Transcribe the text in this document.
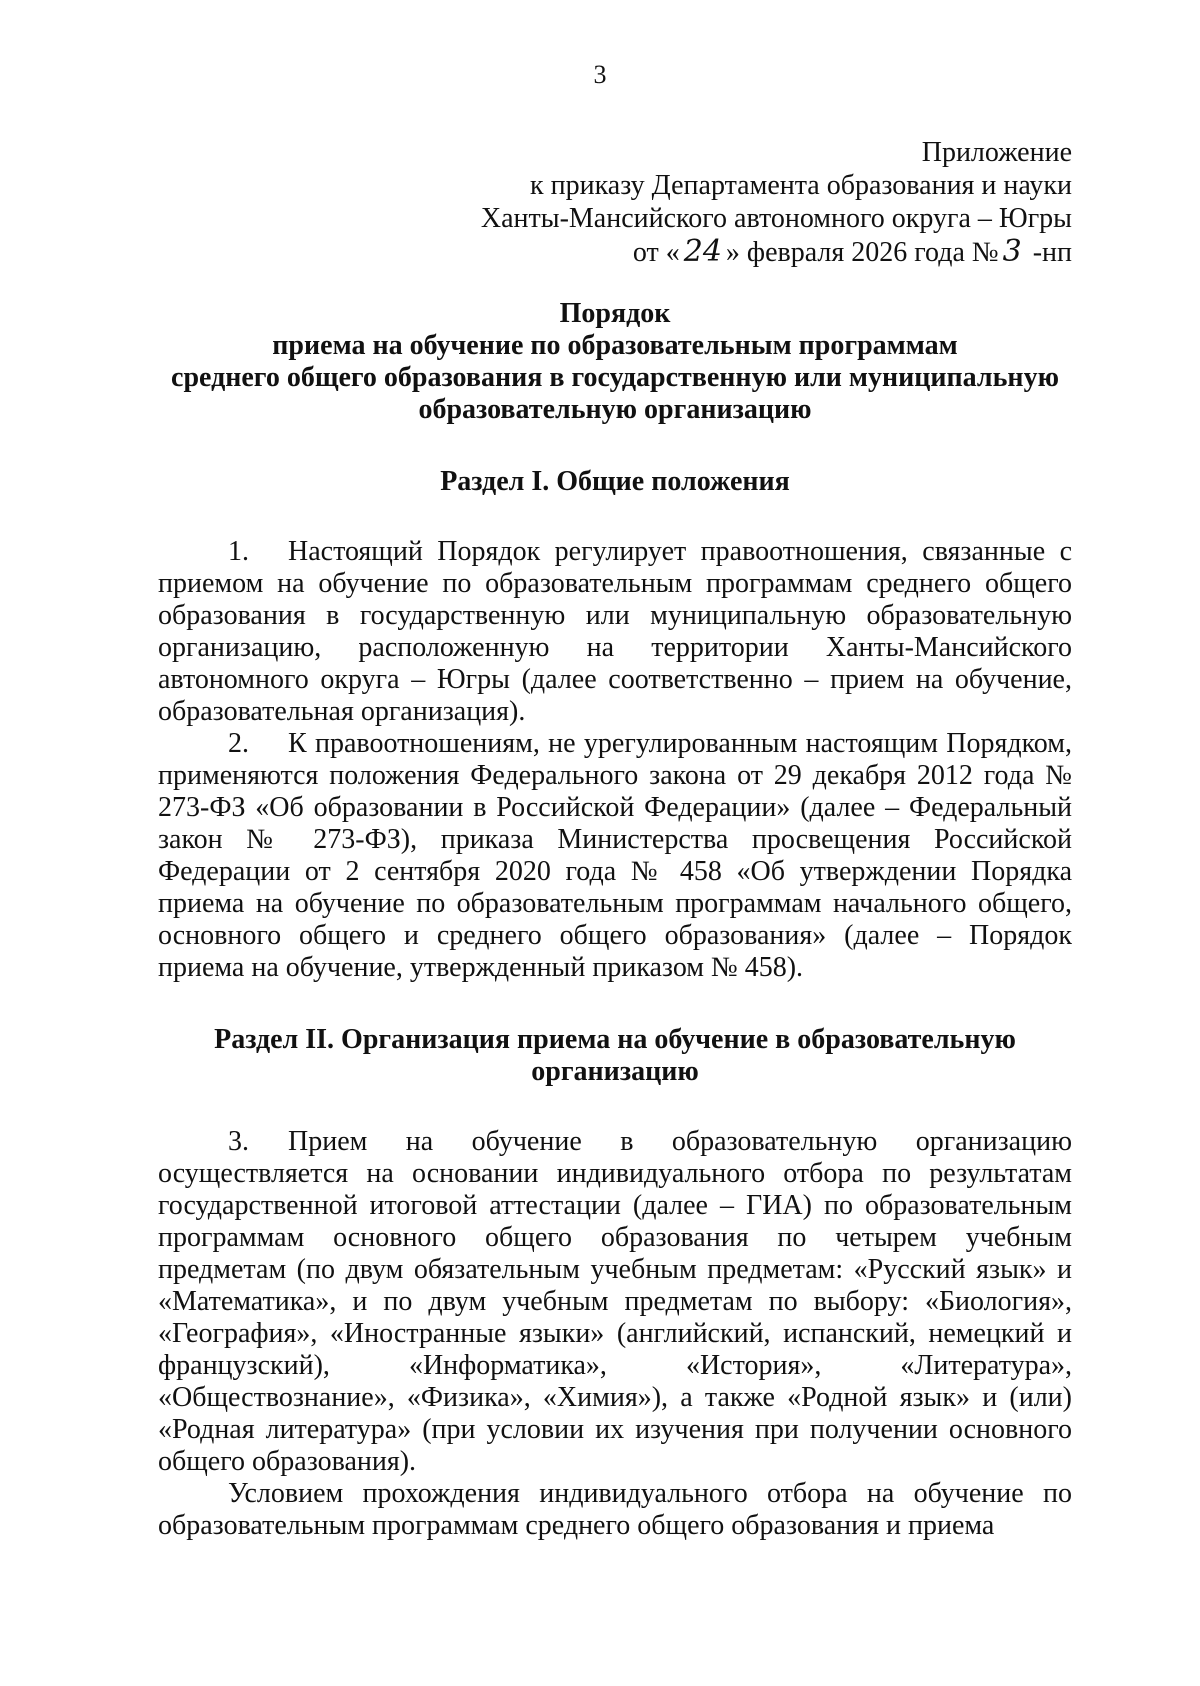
3
Приложение
к приказу Департамента образования и науки
Ханты-Мансийского автономного округа – Югры
от « 24 » февраля 2026 года № 3 -нп
Порядок
приема на обучение по образовательным программам
среднего общего образования в государственную или муниципальную
образовательную организацию
Раздел I. Общие положения

1. Настоящий Порядок регулирует правоотношения, связанные с приемом на обучение по образовательным программам среднего общего образования в государственную или муниципальную образовательную организацию, расположенную на территории Ханты-Мансийского автономного округа – Югры (далее соответственно – прием на обучение, образовательная организация).

2. К правоотношениям, не урегулированным настоящим Порядком, применяются положения Федерального закона от 29 декабря 2012 года № 273-ФЗ «Об образовании в Российской Федерации» (далее – Федеральный закон № 273-ФЗ), приказа Министерства просвещения Российской Федерации от 2 сентября 2020 года № 458 «Об утверждении Порядка приема на обучение по образовательным программам начального общего, основного общего и среднего общего образования» (далее – Порядок приема на обучение, утвержденный приказом № 458).

Раздел II. Организация приема на обучение в образовательную
организацию

3. Прием на обучение в образовательную организацию осуществляется на основании индивидуального отбора по результатам государственной итоговой аттестации (далее – ГИА) по образовательным программам основного общего образования по четырем учебным предметам (по двум обязательным учебным предметам: «Русский язык» и «Математика», и по двум учебным предметам по выбору: «Биология», «География», «Иностранные языки» (английский, испанский, немецкий и французский), «Информатика», «История», «Литература», «Обществознание», «Физика», «Химия»), а также «Родной язык» и (или) «Родная литература» (при условии их изучения при получении основного общего образования).

Условием прохождения индивидуального отбора на обучение по образовательным программам среднего общего образования и приема
